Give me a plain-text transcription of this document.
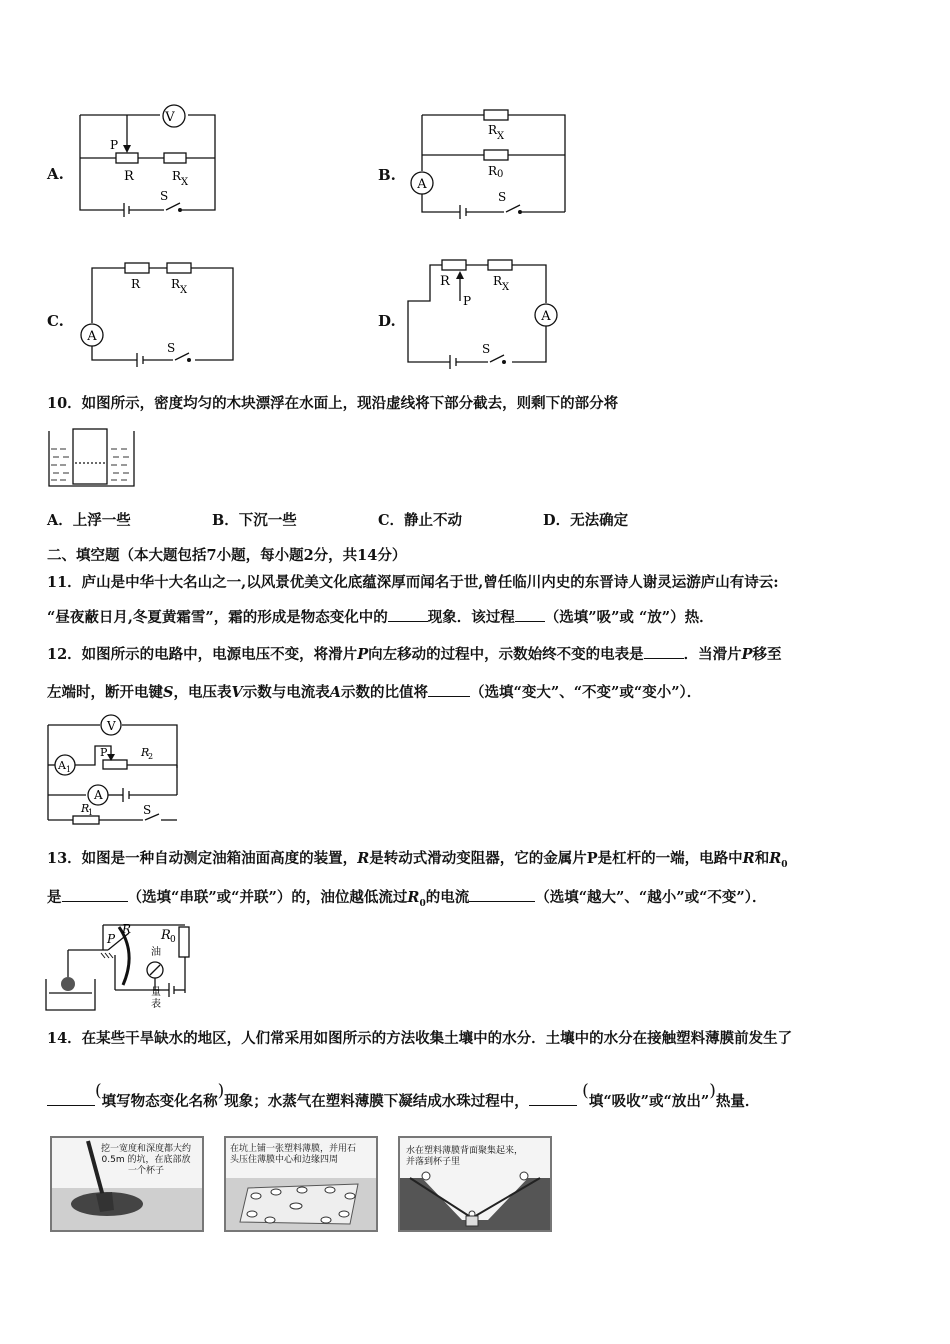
A.	B.
C.	D.
V
P
R	R X
S
A
R X
R 0
S
A
R	R X
S
A
R
P
R X
S
10．如图所示，密度均匀的木块漂浮在水面上，现沿虚线将下部分截去，则剩下的部分将
A．上浮一些	B．下沉一些	C．静止不动	D．无法确定
二、填空题（本大题包括7小题，每小题2分，共14分）
11．庐山是中华十大名山之一,以风景优美文化底蕴深厚而闻名于世,曾任临川内史的东晋诗人谢灵运游庐山有诗云:
“昼夜蔽日月,冬夏黄霜雪”，霜的形成是物态变化中的	现象．该过程 （选填”吸”或 “放”）热．
12．如图所示的电路中，电源电压不变，将滑片P向左移动的过程中，示数始终不变的电表是	．当滑片P移至
左端时，断开电键S，电压表V示数与电流表A示数的比值将	（选填“变大”、“不变”或“变小”）．
V
A 1
A
P	R
2
R
1	S
13．如图是一种自动测定油箱油面高度的装置，R是转动式滑动变阻器，它的金属片P是杠杆的一端，电路中R和$R_0$
是	（选填“串联”或“并联”）的，油位越低流过$R_0$的电流	（选填“越大”、“越小”或“不变”）．
R
P	R 0
油
量
表
14．在某些干旱缺水的地区，人们常采用如图所示的方法收集土壤中的水分．土壤中的水分在接触塑料薄膜前发生了
(填写物态变化名称)现象；水蒸气在塑料薄膜下凝结成水珠过程中， (填“吸收”或“放出”)热量．
挖一宽度和深度都大约
0.5m 的坑，在底部放
一个杯子
在坑上铺一张塑料薄膜，并用石
头压住薄膜中心和边缘四周
水在塑料薄膜背面聚集起来，
并落到杯子里
